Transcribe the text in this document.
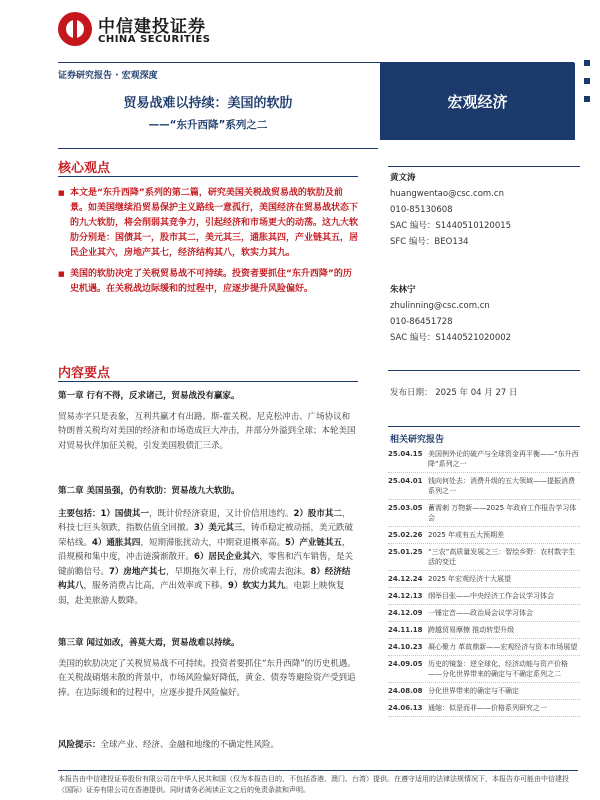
中信建投证券
CHINA SECURITIES
证券研究报告 · 宏观深度
贸易战难以持续：美国的软肋
——“东升西降”系列之二
宏观经济
核心观点

■ 本文是“东升西降”系列的第二篇，研究美国关税战贸易战的软肋及前景。如美国继续沿贸易保护主义路线一意孤行，美国经济在贸易战状态下的九大软肋，将会削弱其竞争力，引起经济和市场更大的动荡。这九大软肋分别是：国债其一，股市其二，美元其三，通胀其四，产业链其五，居民企业其六，房地产其七，经济结构其八，软实力其九。

■ 美国的软肋决定了关税贸易战不可持续。投资者要抓住“东升西降”的历史机遇。在关税战边际缓和的过程中，应逐步提升风险偏好。

内容要点
第一章 行有不得，反求诸己，贸易战没有赢家。
贸易赤字只是表象，互利共赢才有出路。斯-霍关税、尼克松冲击、广场协议和特朗普关税均对美国的经济和市场造成巨大冲击，并部分外溢到全球；本轮美国对贸易伙伴加征关税，引发美国股债汇三杀。
第二章 美国虽强，仍有软肋：贸易战九大软肋。
主要包括：1）国债其一，既计价经济衰退，又计价信用违约。2）股市其二，科技七巨头领跌，指数估值全回撤。3）美元其三，铸币稳定被动摇，美元跌破荣枯线。4）通胀其四，短期滞胀扰动大，中期衰退概率高。5）产业链其五，沿规模和集中度，冲击涟漪渐散开。6）居民企业其六，零售和汽车销售，是关键前瞻信号。7）房地产其七，早期拖欠率上行，房价或需去泡沫。8）经济结构其八，服务消费占比高，产出效率或下移。9）软实力其九。电影上映恢复弱，赴美旅游人数降。
第三章 闻过如改，善莫大焉，贸易战难以持续。
美国的软肋决定了关税贸易战不可持续。投资者要抓住“东升西降”的历史机遇。在关税战硝烟未散的背景中，市场风险偏好降低，黄金、债券等避险资产受到追捧。在边际缓和的过程中，应逐步提升风险偏好。
风险提示：全球产业、经济、金融和地缘的不确定性风险。
黄文涛
huangwentao@csc.com.cn
010-85130608
SAC 编号：S1440510120015
SFC 编号：BEO134
朱林宁
zhulinning@csc.com.cn
010-86451728
SAC 编号：S1440521020002
发布日期： 2025 年 04 月 27 日
相关研究报告
25.04.15 美国例外论的破产与全球资金再平衡——“东升西降”系列之一
25.04.01 钱向何处去：消费升级的五大领域——提振消费系列之一
25.03.05 蓄需刺 万物新——2025 年政府工作报告学习体会
25.02.26 2025 年或有五大预期差
25.01.25 “三农”高质量发展之三：智绘乡野：农村数字生活的变迁
24.12.24 2025 年宏观经济十大展望
24.12.13 纲举目张——中央经济工作会议学习体会
24.12.09 一锤定音——政治局会议学习体会
24.11.18 跨越贸易摩擦 推动转型升级
24.10.23 凝心聚力 革故鼎新——宏观经济与资本市场展望
24.09.05 历史的镜鉴：逆全球化、经济动能与资产价格——分化世界带来的确定与不确定系列之二
24.08.08 分化世界带来的确定与不确定
24.06.13 通缩：似是而非——价格系列研究之一
本报告由中信建投证券股份有限公司在中华人民共和国（仅为本报告目的，不包括香港、澳门、台湾）提供。在遵守适用的法律法规情况下，本报告亦可能由中信建投（国际）证券有限公司在香港提供。同时请务必阅读正文之后的免责条款和声明。
